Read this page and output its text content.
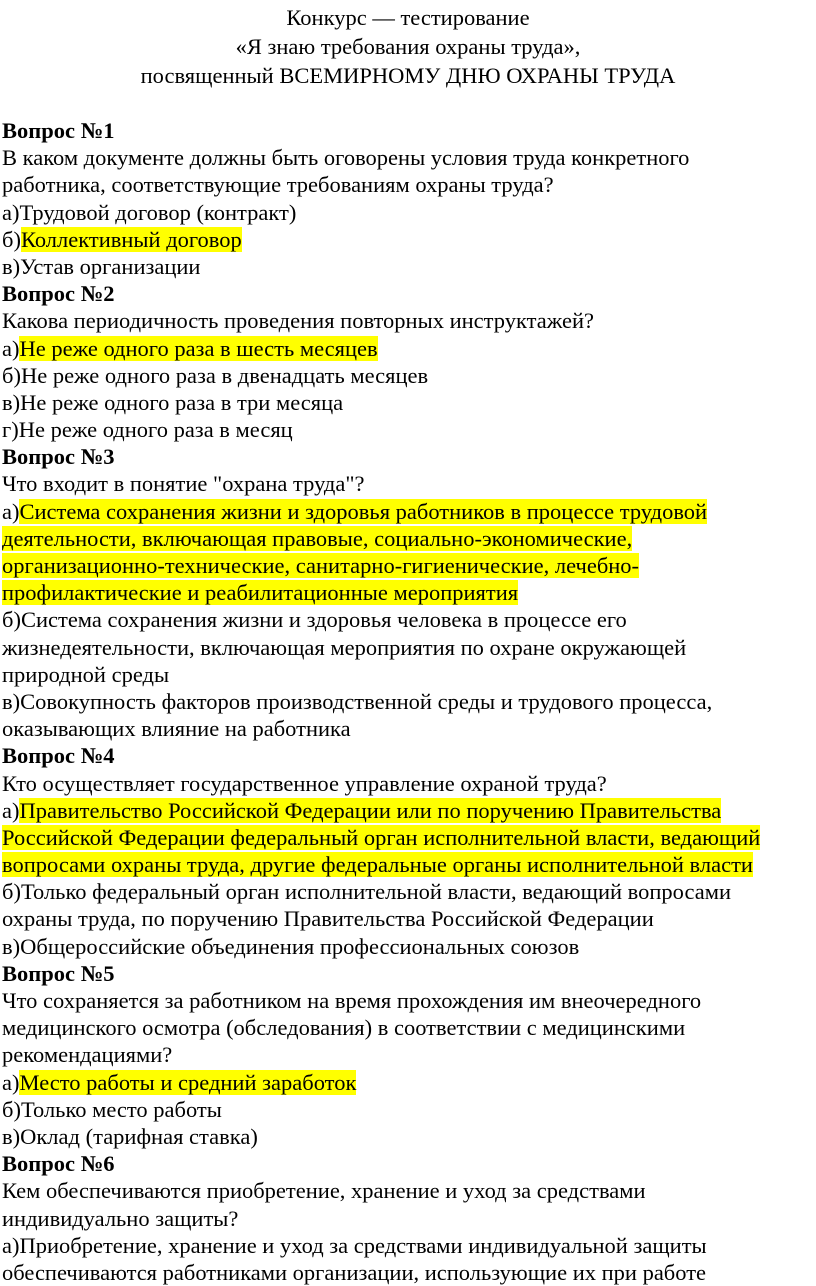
Конкурс — тестирование
«Я знаю требования охраны труда»,
посвященный ВСЕМИРНОМУ ДНЮ ОХРАНЫ ТРУДА
Вопрос №1
В каком документе должны быть оговорены условия труда конкретного
работника, соответствующие требованиям охраны труда?
а)Трудовой договор (контракт)
б)Коллективный договор
в)Устав организации
Вопрос №2
Какова периодичность проведения повторных инструктажей?
а)Не реже одного раза в шесть месяцев
б)Не реже одного раза в двенадцать месяцев
в)Не реже одного раза в три месяца
г)Не реже одного раза в месяц
Вопрос №3
Что входит в понятие "охрана труда"?
а)Система сохранения жизни и здоровья работников в процессе трудовой
деятельности, включающая правовые, социально-экономические,
организационно-технические, санитарно-гигиенические, лечебно-
профилактические и реабилитационные мероприятия
б)Система сохранения жизни и здоровья человека в процессе его
жизнедеятельности, включающая мероприятия по охране окружающей
природной среды
в)Совокупность факторов производственной среды и трудового процесса,
оказывающих влияние на работника
Вопрос №4
Кто осуществляет государственное управление охраной труда?
а)Правительство Российской Федерации или по поручению Правительства
Российской Федерации федеральный орган исполнительной власти, ведающий
вопросами охраны труда, другие федеральные органы исполнительной власти
б)Только федеральный орган исполнительной власти, ведающий вопросами
охраны труда, по поручению Правительства Российской Федерации
в)Общероссийские объединения профессиональных союзов
Вопрос №5
Что сохраняется за работником на время прохождения им внеочередного
медицинского осмотра (обследования) в соответствии с медицинскими
рекомендациями?
а)Место работы и средний заработок
б)Только место работы
в)Оклад (тарифная ставка)
Вопрос №6
Кем обеспечиваются приобретение, хранение и уход за средствами
индивидуально защиты?
а)Приобретение, хранение и уход за средствами индивидуальной защиты
обеспечиваются работниками организации, использующие их при работе
